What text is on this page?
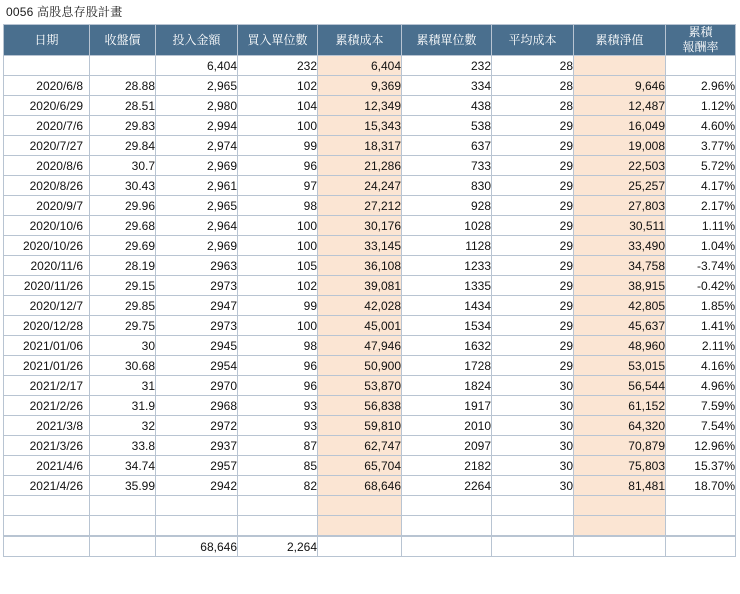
0056 高股息存股計畫
日期	收盤價	投入金額	買入單位數	累積成本	累積單位數	平均成本	累積淨值	累積
報酬率
		6,404	232	6,404	232	28		
2020/6/8	28.88	2,965	102	9,369	334	28	9,646	2.96%
2020/6/29	28.51	2,980	104	12,349	438	28	12,487	1.12%
2020/7/6	29.83	2,994	100	15,343	538	29	16,049	4.60%
2020/7/27	29.84	2,974	99	18,317	637	29	19,008	3.77%
2020/8/6	30.7	2,969	96	21,286	733	29	22,503	5.72%
2020/8/26	30.43	2,961	97	24,247	830	29	25,257	4.17%
2020/9/7	29.96	2,965	98	27,212	928	29	27,803	2.17%
2020/10/6	29.68	2,964	100	30,176	1028	29	30,511	1.11%
2020/10/26	29.69	2,969	100	33,145	1128	29	33,490	1.04%
2020/11/6	28.19	2963	105	36,108	1233	29	34,758	-3.74%
2020/11/26	29.15	2973	102	39,081	1335	29	38,915	-0.42%
2020/12/7	29.85	2947	99	42,028	1434	29	42,805	1.85%
2020/12/28	29.75	2973	100	45,001	1534	29	45,637	1.41%
2021/01/06	30	2945	98	47,946	1632	29	48,960	2.11%
2021/01/26	30.68	2954	96	50,900	1728	29	53,015	4.16%
2021/2/17	31	2970	96	53,870	1824	30	56,544	4.96%
2021/2/26	31.9	2968	93	56,838	1917	30	61,152	7.59%
2021/3/8	32	2972	93	59,810	2010	30	64,320	7.54%
2021/3/26	33.8	2937	87	62,747	2097	30	70,879	12.96%
2021/4/6	34.74	2957	85	65,704	2182	30	75,803	15.37%
2021/4/26	35.99	2942	82	68,646	2264	30	81,481	18.70%

		68,646	2,264					
